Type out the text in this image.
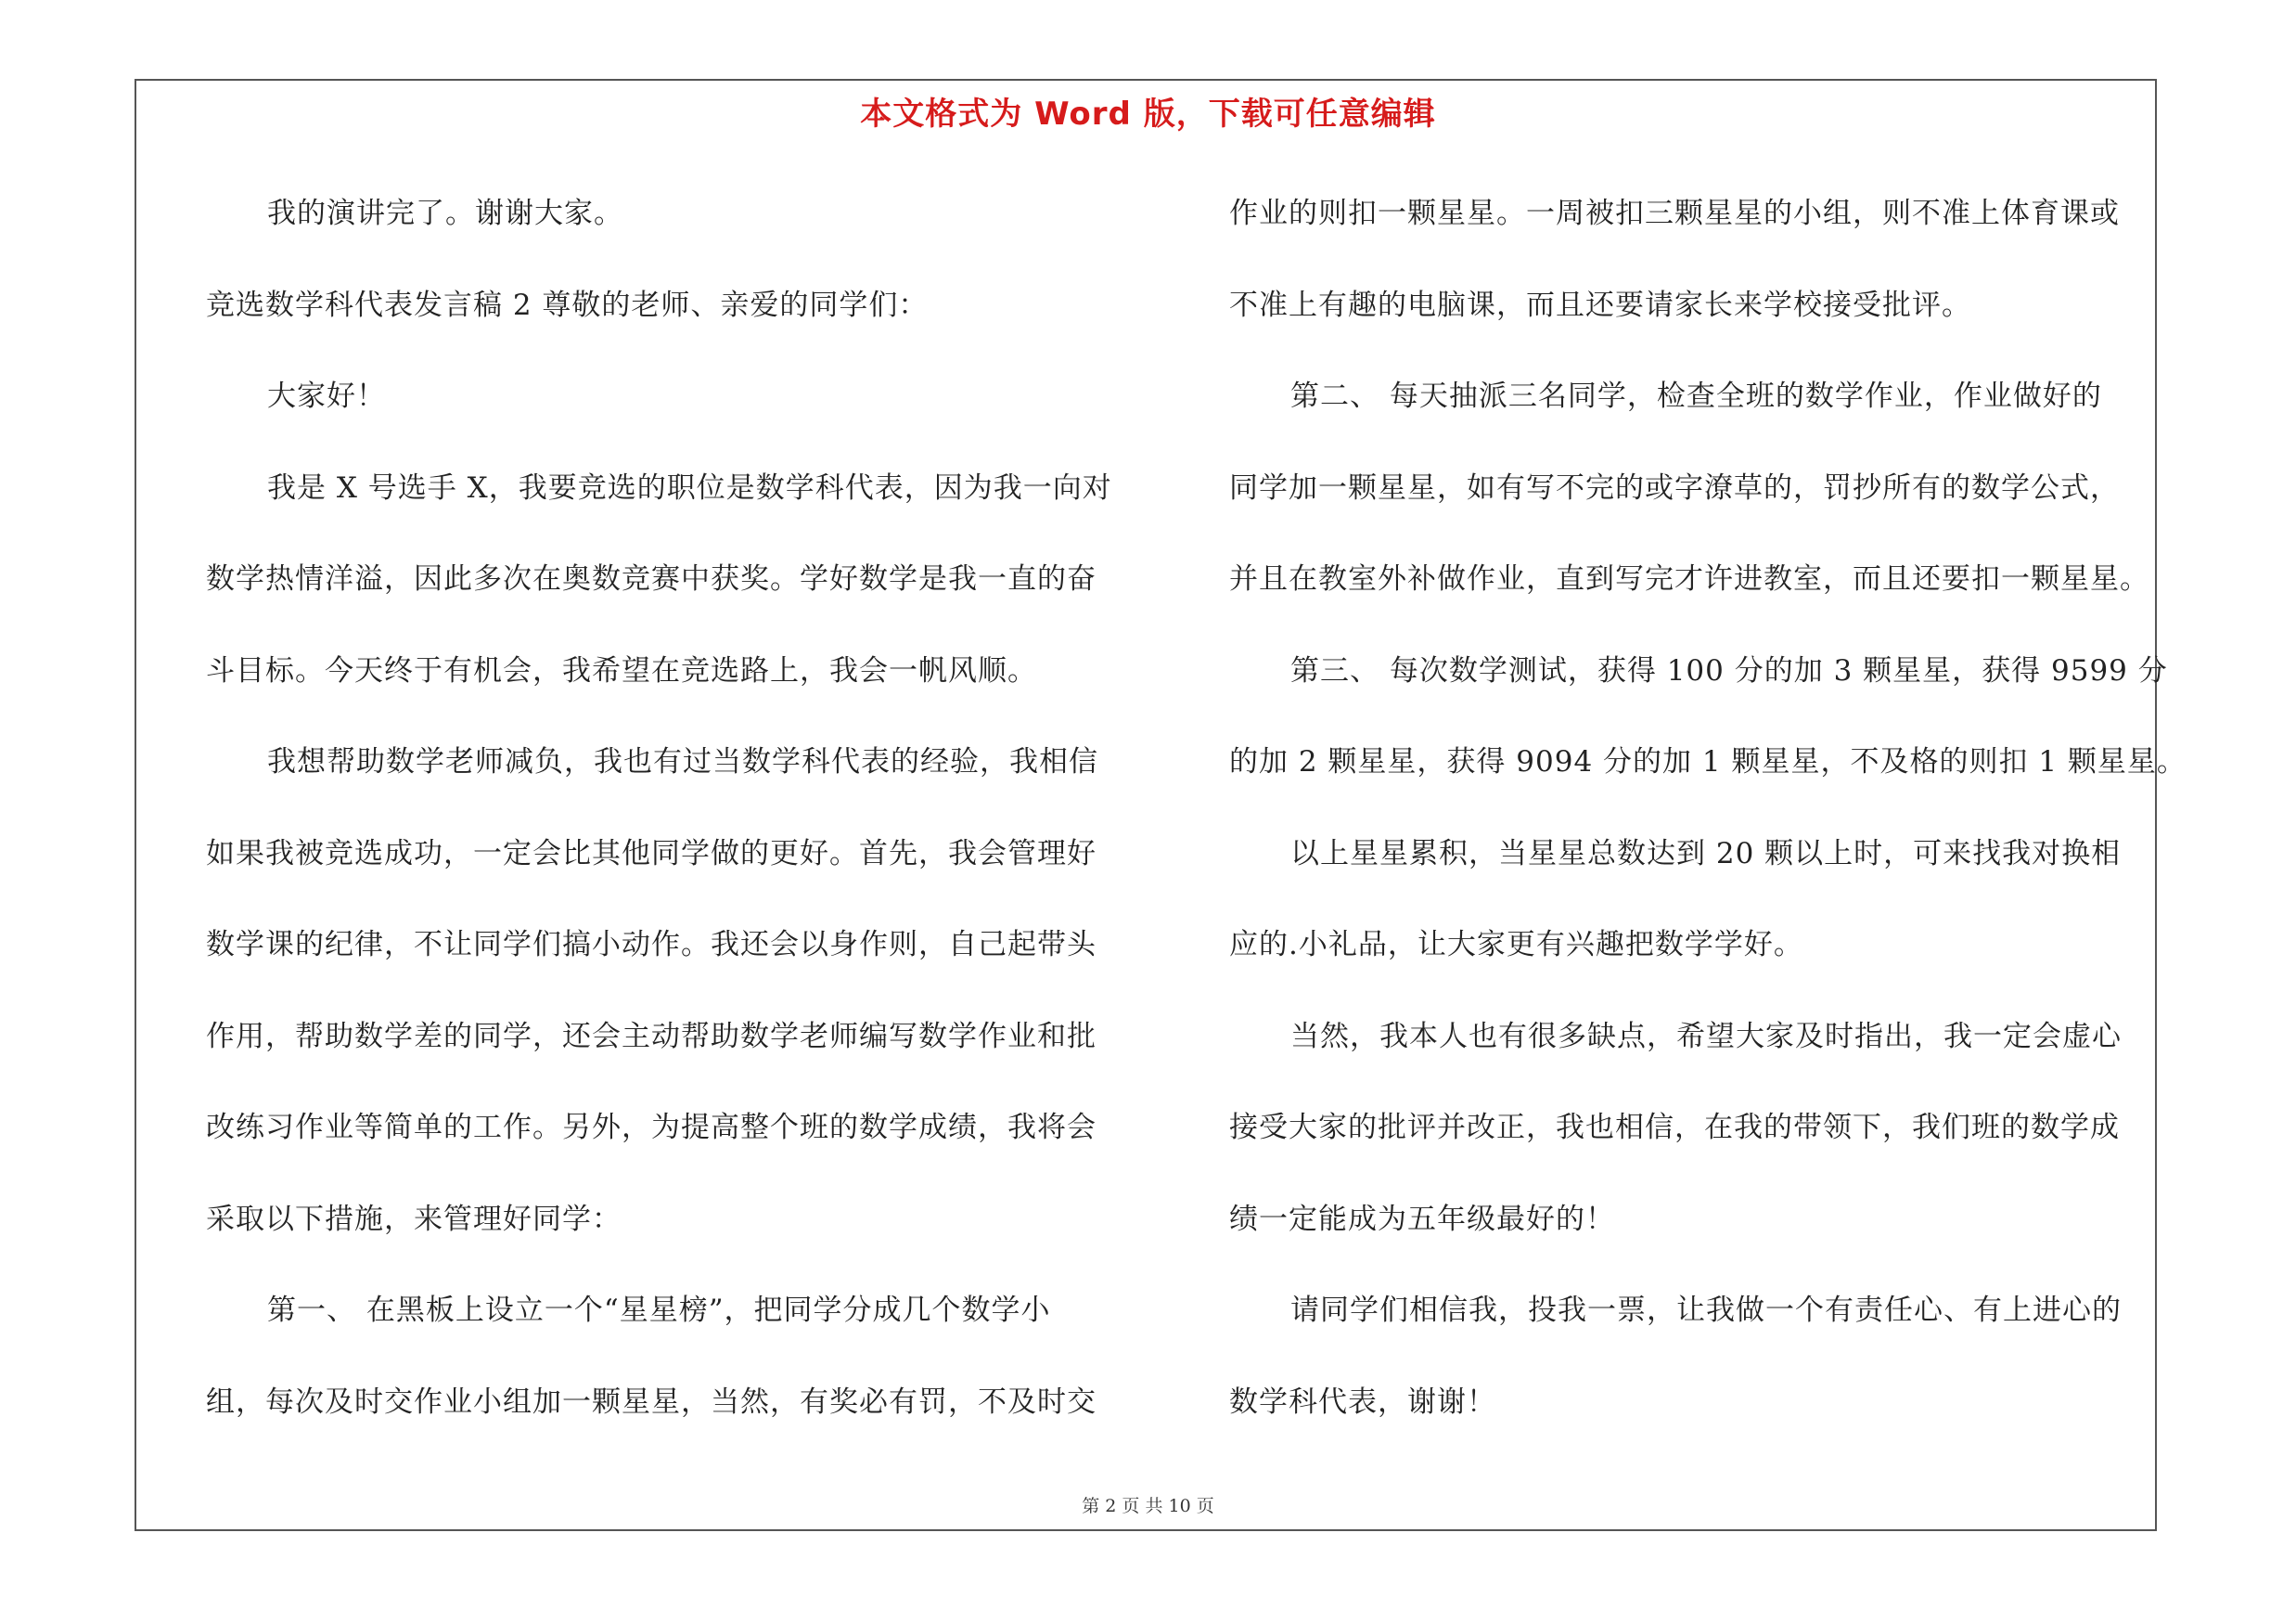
本文格式为 Word 版，下载可任意编辑
我的演讲完了。谢谢大家。
竞选数学科代表发言稿 2 尊敬的老师、亲爱的同学们：
大家好！
我是 X 号选手 X，我要竞选的职位是数学科代表，因为我一向对
数学热情洋溢，因此多次在奥数竞赛中获奖。学好数学是我一直的奋
斗目标。今天终于有机会，我希望在竞选路上，我会一帆风顺。
我想帮助数学老师减负，我也有过当数学科代表的经验，我相信
如果我被竞选成功，一定会比其他同学做的更好。首先，我会管理好
数学课的纪律，不让同学们搞小动作。我还会以身作则，自己起带头
作用，帮助数学差的同学，还会主动帮助数学老师编写数学作业和批
改练习作业等简单的工作。另外，为提高整个班的数学成绩，我将会
采取以下措施，来管理好同学：
第一、 在黑板上设立一个“星星榜”，把同学分成几个数学小
组，每次及时交作业小组加一颗星星，当然，有奖必有罚，不及时交
作业的则扣一颗星星。一周被扣三颗星星的小组，则不准上体育课或
不准上有趣的电脑课，而且还要请家长来学校接受批评。
第二、 每天抽派三名同学，检查全班的数学作业，作业做好的
同学加一颗星星，如有写不完的或字潦草的，罚抄所有的数学公式，
并且在教室外补做作业，直到写完才许进教室，而且还要扣一颗星星。
第三、 每次数学测试，获得 100 分的加 3 颗星星，获得 9599 分
的加 2 颗星星，获得 9094 分的加 1 颗星星，不及格的则扣 1 颗星星。
以上星星累积，当星星总数达到 20 颗以上时，可来找我对换相
应的.小礼品，让大家更有兴趣把数学学好。
当然，我本人也有很多缺点，希望大家及时指出，我一定会虚心
接受大家的批评并改正，我也相信，在我的带领下，我们班的数学成
绩一定能成为五年级最好的！
请同学们相信我，投我一票，让我做一个有责任心、有上进心的
数学科代表，谢谢！
第 2 页 共 10 页
